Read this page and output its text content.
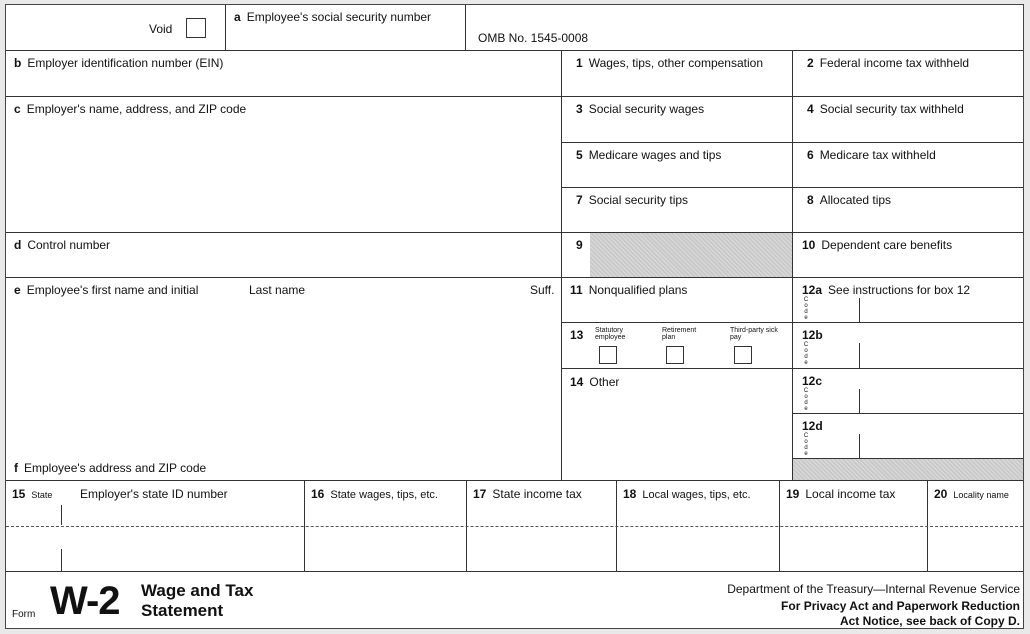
Void
a Employee's social security number
OMB No. 1545-0008
b Employer identification number (EIN)
c Employer's name, address, and ZIP code
d Control number
e Employee's first name and initial	Last name	Suff.
f Employee's address and ZIP code
1 Wages, tips, other compensation
3 Social security wages
5 Medicare wages and tips
7 Social security tips
9
11 Nonqualified plans
13	Statutory employee
Retirement plan
Third-party sick pay
14 Other
2 Federal income tax withheld
4 Social security tax withheld
6 Medicare tax withheld
8 Allocated tips
10 Dependent care benefits
12a See instructions for box 12
Code
12b
Code
12c
Code
12d
Code
15 State Employer's state ID number	16 State wages, tips, etc.	17 State income tax	18 Local wages, tips, etc.	19 Local income tax	20 Locality name
Form W-2 Wage and Tax
Statement
Department of the Treasury—Internal Revenue Service
For Privacy Act and Paperwork Reduction
Act Notice, see back of Copy D.
